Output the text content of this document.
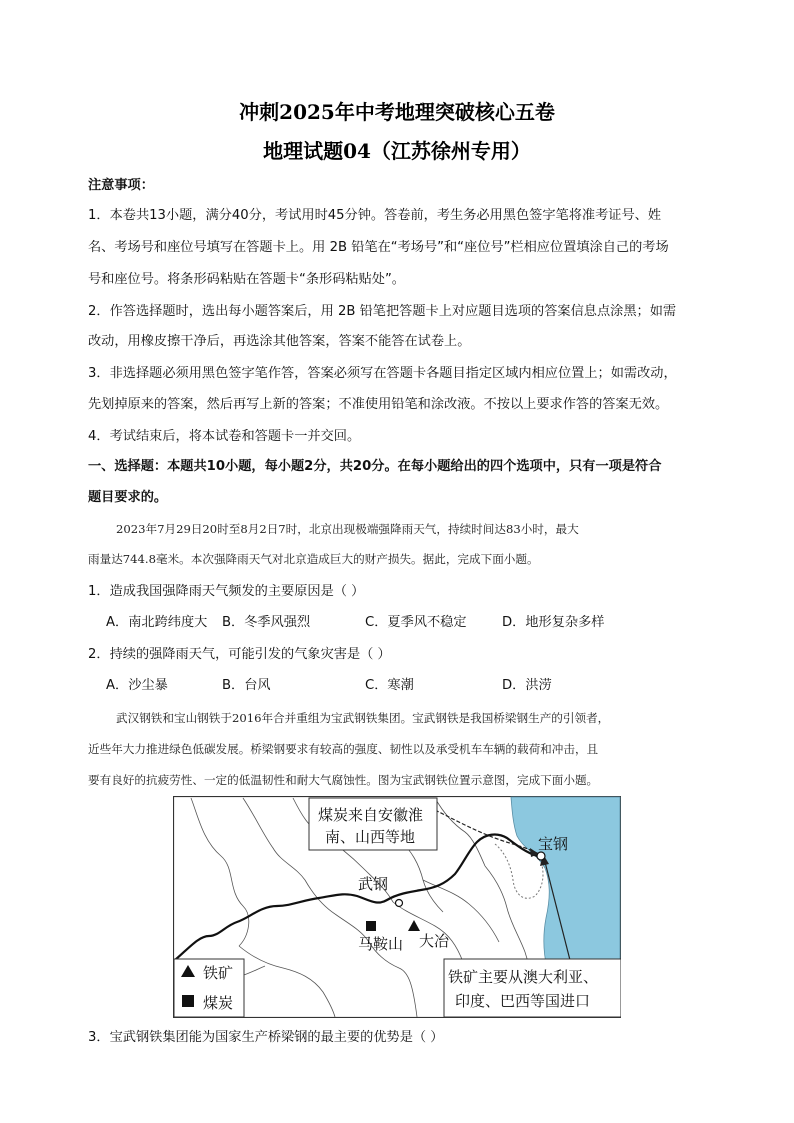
冲刺2025年中考地理突破核心五卷
地理试题04（江苏徐州专用）
注意事项：
1．本卷共13小题，满分40分，考试用时45分钟。答卷前，考生务必用黑色签字笔将准考证号、姓
名、考场号和座位号填写在答题卡上。用 2B 铅笔在“考场号”和“座位号”栏相应位置填涂自己的考场
号和座位号。将条形码粘贴在答题卡“条形码粘贴处”。
2．作答选择题时，选出每小题答案后，用 2B 铅笔把答题卡上对应题目选项的答案信息点涂黑；如需
改动，用橡皮擦干净后，再选涂其他答案，答案不能答在试卷上。
3．非选择题必须用黑色签字笔作答，答案必须写在答题卡各题目指定区域内相应位置上；如需改动，
先划掉原来的答案，然后再写上新的答案；不准使用铅笔和涂改液。不按以上要求作答的答案无效。
4．考试结束后，将本试卷和答题卡一并交回。
一、选择题：本题共10小题，每小题2分，共20分。在每小题给出的四个选项中，只有一项是符合
题目要求的。
2023年7月29日20时至8月2日7时，北京出现极端强降雨天气，持续时间达83小时，最大
雨量达744.8毫米。本次强降雨天气对北京造成巨大的财产损失。据此，完成下面小题。
1．造成我国强降雨天气频发的主要原因是（ ）
A．南北跨纬度大 B．冬季风强烈	C．夏季风不稳定	D．地形复杂多样
2．持续的强降雨天气，可能引发的气象灾害是（ ）
A．沙尘暴	B．台风	C．寒潮	D．洪涝
武汉钢铁和宝山钢铁于2016年合并重组为宝武钢铁集团。宝武钢铁是我国桥梁钢生产的引领者，
近些年大力推进绿色低碳发展。桥梁钢要求有较高的强度、韧性以及承受机车车辆的载荷和冲击，且
要有良好的抗疲劳性、一定的低温韧性和耐大气腐蚀性。图为宝武钢铁位置示意图，完成下面小题。
煤炭来自安徽淮
南、山西等地	宝钢
武钢
马鞍山 大冶
铁矿
煤炭
铁矿主要从澳大利亚、
印度、巴西等国进口
3．宝武钢铁集团能为国家生产桥梁钢的最主要的优势是（ ）
